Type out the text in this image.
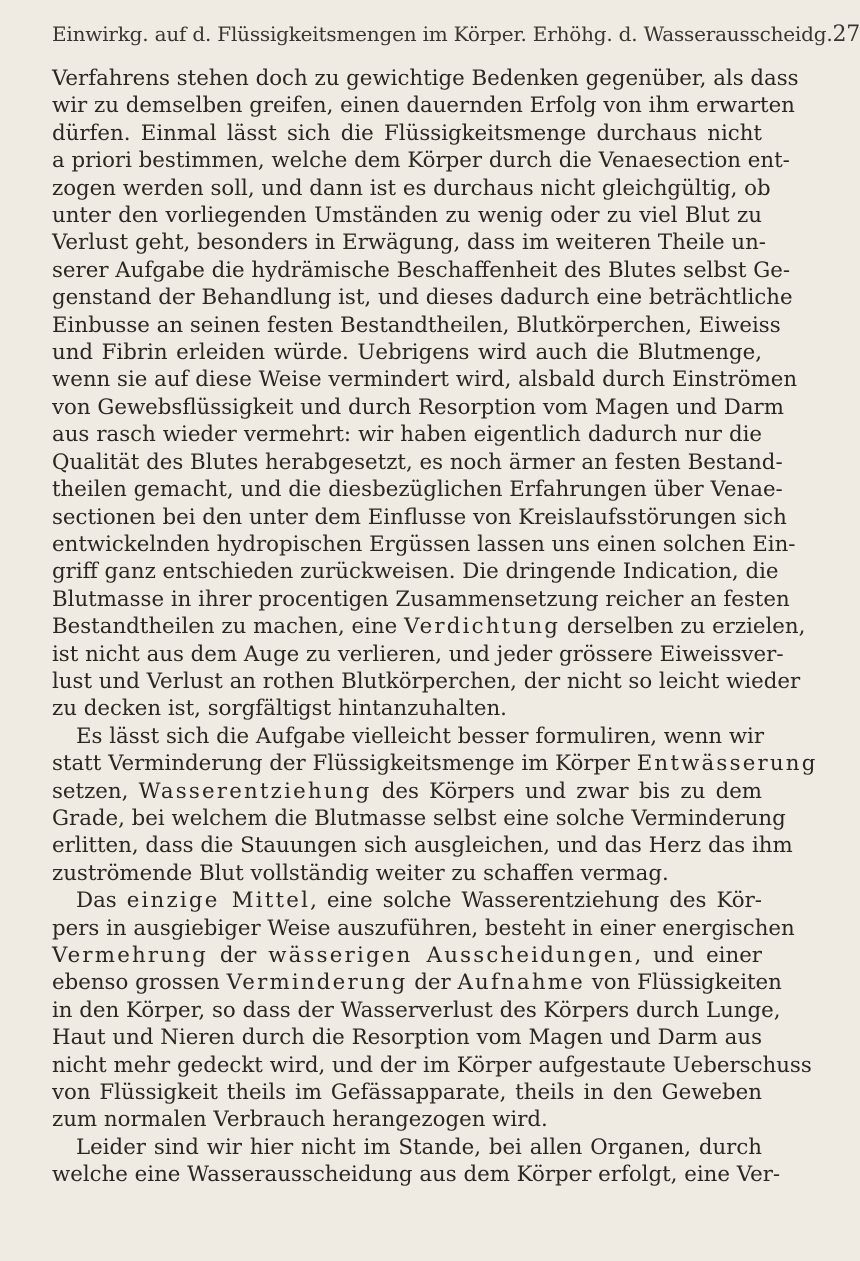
Einwirkg. auf d. Flüssigkeitsmengen im Körper. Erhöhg. d. Wasserausscheidg. 27
Verfahrens stehen doch zu gewichtige Bedenken gegenüber, als dass
wir zu demselben greifen, einen dauernden Erfolg von ihm erwarten
dürfen. Einmal lässt sich die Flüssigkeitsmenge durchaus nicht
a priori bestimmen, welche dem Körper durch die Venaesection ent-
zogen werden soll, und dann ist es durchaus nicht gleichgültig, ob
unter den vorliegenden Umständen zu wenig oder zu viel Blut zu
Verlust geht, besonders in Erwägung, dass im weiteren Theile un-
serer Aufgabe die hydrämische Beschaffenheit des Blutes selbst Ge-
genstand der Behandlung ist, und dieses dadurch eine beträchtliche
Einbusse an seinen festen Bestandtheilen, Blutkörperchen, Eiweiss
und Fibrin erleiden würde. Uebrigens wird auch die Blutmenge,
wenn sie auf diese Weise vermindert wird, alsbald durch Einströmen
von Gewebsflüssigkeit und durch Resorption vom Magen und Darm
aus rasch wieder vermehrt: wir haben eigentlich dadurch nur die
Qualität des Blutes herabgesetzt, es noch ärmer an festen Bestand-
theilen gemacht, und die diesbezüglichen Erfahrungen über Venae-
sectionen bei den unter dem Einflusse von Kreislaufsstörungen sich
entwickelnden hydropischen Ergüssen lassen uns einen solchen Ein-
griff ganz entschieden zurückweisen. Die dringende Indication, die
Blutmasse in ihrer procentigen Zusammensetzung reicher an festen
Bestandtheilen zu machen, eine Verdichtung derselben zu erzielen,
ist nicht aus dem Auge zu verlieren, und jeder grössere Eiweissver-
lust und Verlust an rothen Blutkörperchen, der nicht so leicht wieder
zu decken ist, sorgfältigst hintanzuhalten.
Es lässt sich die Aufgabe vielleicht besser formuliren, wenn wir
statt Verminderung der Flüssigkeitsmenge im Körper Entwässerung
setzen, Wasserentziehung des Körpers und zwar bis zu dem
Grade, bei welchem die Blutmasse selbst eine solche Verminderung
erlitten, dass die Stauungen sich ausgleichen, und das Herz das ihm
zuströmende Blut vollständig weiter zu schaffen vermag.
Das einzige Mittel, eine solche Wasserentziehung des Kör-
pers in ausgiebiger Weise auszuführen, besteht in einer energischen
Vermehrung der wässerigen Ausscheidungen, und einer
ebenso grossen Verminderung der Aufnahme von Flüssigkeiten
in den Körper, so dass der Wasserverlust des Körpers durch Lunge,
Haut und Nieren durch die Resorption vom Magen und Darm aus
nicht mehr gedeckt wird, und der im Körper aufgestaute Ueberschuss
von Flüssigkeit theils im Gefässapparate, theils in den Geweben
zum normalen Verbrauch herangezogen wird.
Leider sind wir hier nicht im Stande, bei allen Organen, durch
welche eine Wasserausscheidung aus dem Körper erfolgt, eine Ver-
